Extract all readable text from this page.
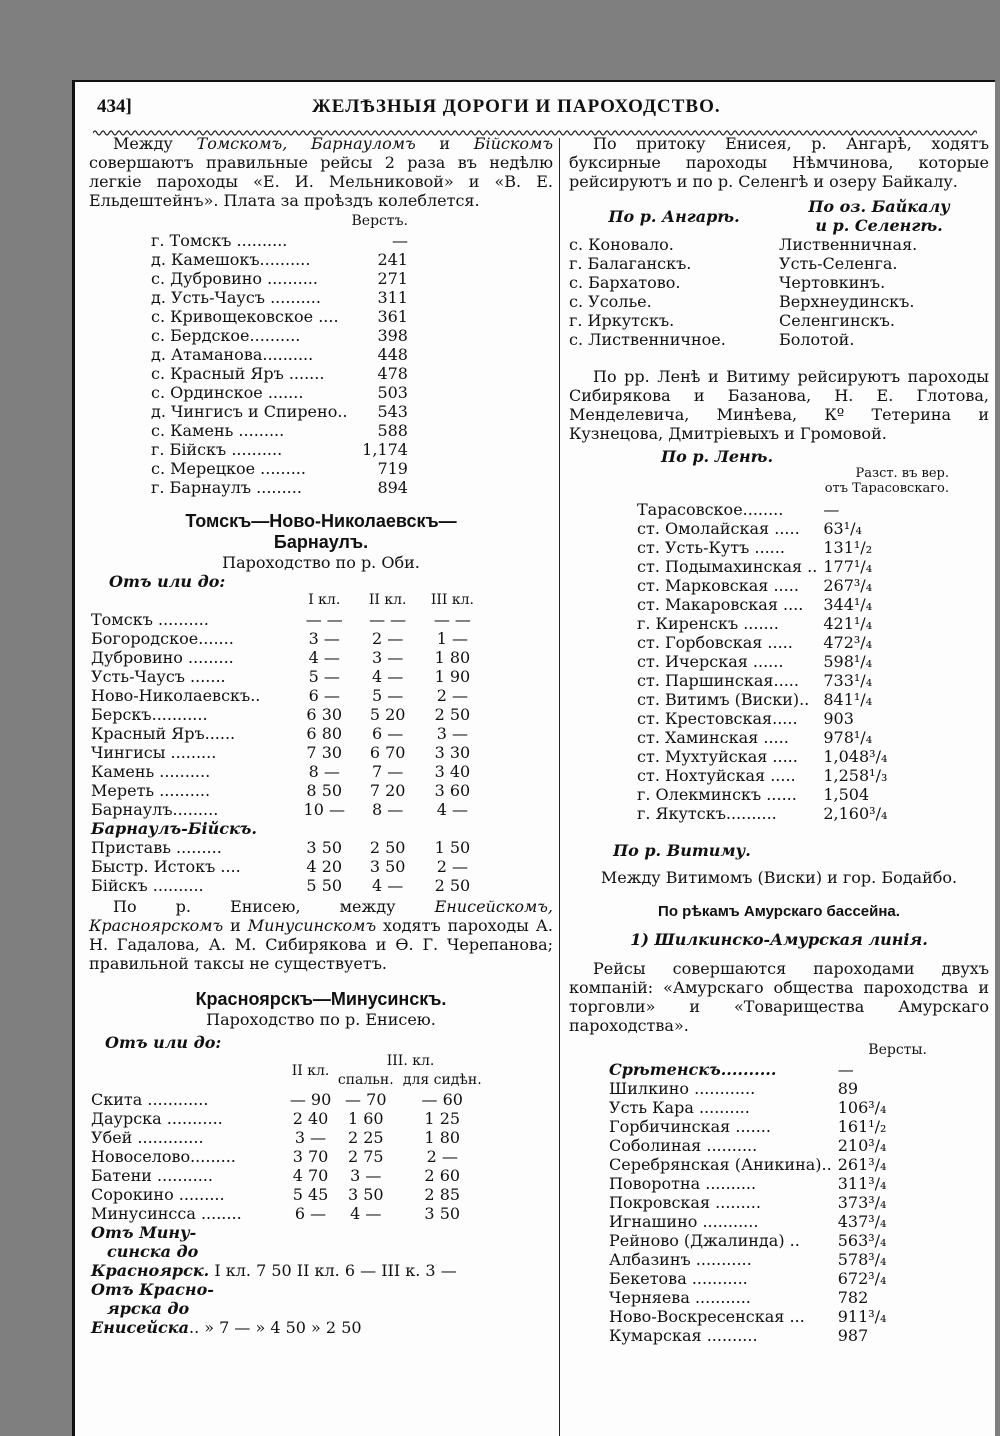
434]	ЖЕЛѢЗНЫЯ ДОРОГИ И ПАРОХОДСТВО.

Между Томскомъ, Барнауломъ и Бійскомъ совершаютъ правильные рейсы 2 раза въ недѣлю легкіе пароходы «Е. И. Мельниковой» и «В. Е. Ельдештейнъ». Плата за проѣздъ колеблется.

	Верстъ.
г. Томскъ ..........	—
д. Камешокъ..........	241
с. Дубровино ..........	271
д. Усть-Чаусъ ..........	311
с. Кривощековское ....	361
с. Бердское..........	398
д. Атаманова..........	448
с. Красный Яръ .......	478
с. Ординское .......	503
д. Чингисъ и Спирено..	543
с. Камень .........	588
г. Бійскъ ..........	1,174
с. Мерецкое .........	719
г. Барнаулъ .........	894

Томскъ—Ново-Николаевскъ—

Барнаулъ.

Пароходство по р. Оби.

Отъ или до:

	I кл.	II кл.	III кл.
Томскъ ..........	— —	— —	— —
Богородское.......	3 —	2 —	1 —
Дубровино .........	4 —	3 —	1 80
Усть-Чаусъ .......	5 —	4 —	1 90
Ново-Николаевскъ..	6 —	5 —	2 —
Берскъ...........	6 30	5 20	2 50
Красный Яръ......	6 80	6 —	3 —
Чингисы .........	7 30	6 70	3 30
Камень ..........	8 —	7 —	3 40
Мереть ..........	8 50	7 20	3 60
Барнаулъ.........	10 —	8 —	4 —
Барнаулъ-Бійскъ.			
Приставь .........	3 50	2 50	1 50
Быстр. Истокъ ....	4 20	3 50	2 —
Бійскъ ..........	5 50	4 —	2 50

По р. Енисею, между Енисейскомъ, Красноярскомъ и Минусинскомъ ходятъ пароходы А. Н. Гадалова, А. М. Сибирякова и Ѳ. Г. Черепанова; правильной таксы не существуетъ.

Красноярскъ—Минусинскъ.

Пароходство по р. Енисею.

Отъ или до:

	II кл.	III. кл.	
		спальн.	для сидѣн.
Скита ............	— 90	— 70	— 60
Даурска ...........	2 40	1 60	1 25
Убей .............	3 —	2 25	1 80
Новоселово.........	3 70	2 75	2 —
Батени ...........	4 70	3 —	2 60
Сорокино .........	5 45	3 50	2 85
Минусинсса ........	6 —	4 —	3 50

Отъ Мину-

синска до

Красноярск. I кл. 7 50 II кл. 6 — III к. 3 —

Отъ Красно-

ярска до

Енисейска.. » 7 — » 4 50 » 2 50

По притоку Енисея, р. Ангарѣ, ходятъ буксирные пароходы Нѣмчинова, которые рейсируютъ и по р. Селенгѣ и озеру Байкалу.

По р. Ангарѣ.	По оз. Байкалу
	и р. Селенгѣ.
с. Коновало.	Лиственничная.
г. Балаганскъ.	Усть-Селенга.
с. Бархатово.	Чертовкинъ.
с. Усолье.	Верхнеудинскъ.
г. Иркутскъ.	Селенгинскъ.
с. Лиственничное.	Болотой.

По рр. Ленѣ и Витиму рейсируютъ пароходы Сибирякова и Базанова, Н. Е. Глотова, Менделевича, Минѣева, Кº Тетерина и Кузнецова, Дмитріевыхъ и Громовой.

По р. Ленѣ.

Разст. въ вер.

отъ Тарасовскаго.

Тарасовское........	—
ст. Омолайская .....	63¹/₄
ст. Усть-Кутъ ......	131¹/₂
ст. Подымахинская ..	177¹/₄
ст. Марковская .....	267³/₄
ст. Макаровская ....	344¹/₄
г. Киренскъ .......	421¹/₄
ст. Горбовская .....	472³/₄
ст. Ичерская ......	598¹/₄
ст. Паршинская.....	733¹/₄
ст. Витимъ (Виски)..	841¹/₄
ст. Крестовская.....	903
ст. Хаминская .....	978¹/₄
ст. Мухтуйская .....	1,048³/₄
ст. Нохтуйская .....	1,258¹/₃
г. Олекминскъ ......	1,504
г. Якутскъ..........	2,160³/₄

По р. Витиму.

Между Витимомъ (Виски) и гор. Бодайбо.

По рѣкамъ Амурскаго бассейна.

1) Шилкинско-Амурская линія.

Рейсы совершаются пароходами двухъ компаній: «Амурскаго общества пароходства и торговли» и «Товарищества Амурскаго пароходства».

Версты.

Срѣтенскъ..........	—
Шилкино ............	89
Усть Кара ..........	106³/₄
Горбичинская .......	161¹/₂
Соболиная ..........	210³/₄
Серебрянская (Аникина)..	261³/₄
Поворотна ..........	311³/₄
Покровская .........	373³/₄
Игнашино ...........	437³/₄
Рейново (Джалинда) ..	563³/₄
Албазинъ ...........	578³/₄
Бекетова ...........	672³/₄
Черняева ...........	782
Ново-Воскресенская ...	911³/₄
Кумарская ..........	987
